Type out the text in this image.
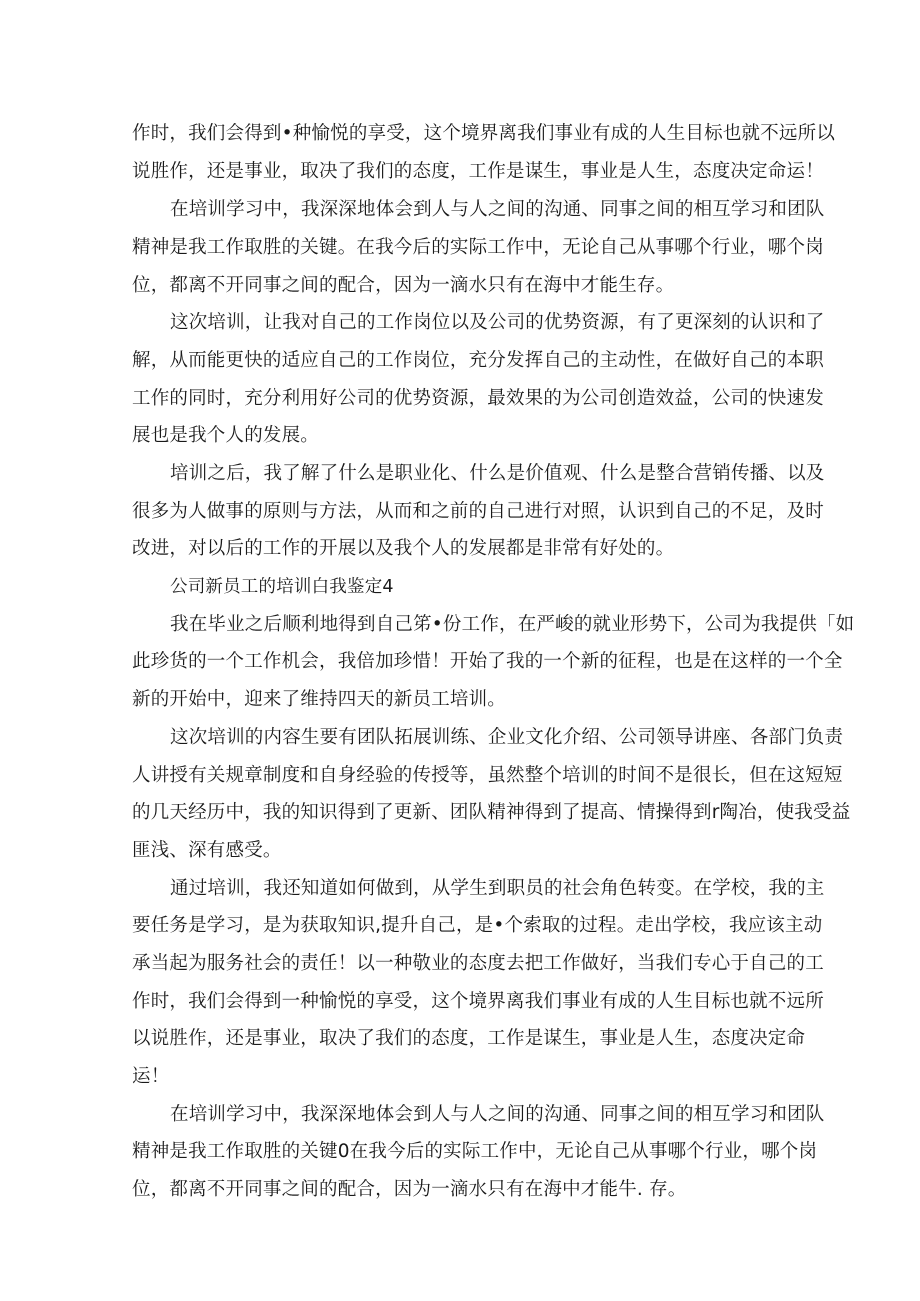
作时，我们会得到•种愉悦的享受，这个境界离我们事业有成的人生目标也就不远所以
说胜作，还是事业，取决了我们的态度，工作是谋生，事业是人生，态度决定命运！
在培训学习中，我深深地体会到人与人之间的沟通、同事之间的相互学习和团队
精神是我工作取胜的关键。在我今后的实际工作中，无论自己从事哪个行业，哪个岗
位，都离不开同事之间的配合，因为一滴水只有在海中才能生存。
这次培训，让我对自己的工作岗位以及公司的优势资源，有了更深刻的认识和了
解，从而能更快的适应自己的工作岗位，充分发挥自己的主动性，在做好自己的本职
工作的同时，充分利用好公司的优势资源，最效果的为公司创造效益，公司的快速发
展也是我个人的发展。
培训之后，我了解了什么是职业化、什么是价值观、什么是整合营销传播、以及
很多为人做事的原则与方法，从而和之前的自己进行对照，认识到自己的不足，及时
改进，对以后的工作的开展以及我个人的发展都是非常有好处的。
公司新员工的培训白我鉴定4
我在毕业之后顺利地得到自己笫•份工作，在严峻的就业形势下，公司为我提供「如
此珍货的一个工作机会，我倍加珍惜！开始了我的一个新的征程，也是在这样的一个全
新的开始中，迎来了维持四天的新员工培训。
这次培训的内容生要有团队拓展训练、企业文化介绍、公司领导讲座、各部门负责
人讲授有关规章制度和自身经验的传授等，虽然整个培训的时间不是很长，但在这短短
的几天经历中，我的知识得到了更新、团队精神得到了提高、情操得到r陶冶，使我受益
匪浅、深有感受。
通过培训，我还知道如何做到，从学生到职员的社会角色转变。在学校，我的主
要任务是学习，是为获取知识,提升自己，是•个索取的过程。走出学校，我应该主动
承当起为服务社会的责任！以一种敬业的态度去把工作做好，当我们专心于自己的工
作时，我们会得到一种愉悦的享受，这个境界离我们事业有成的人生目标也就不远所
以说胜作，还是事业，取决了我们的态度，工作是谋生，事业是人生，态度决定命
运！
在培训学习中，我深深地体会到人与人之间的沟通、同事之间的相互学习和团队
精神是我工作取胜的关键0在我今后的实际工作中，无论自己从事哪个行业，哪个岗
位，都离不开同事之间的配合，因为一滴水只有在海中才能牛. 存。
